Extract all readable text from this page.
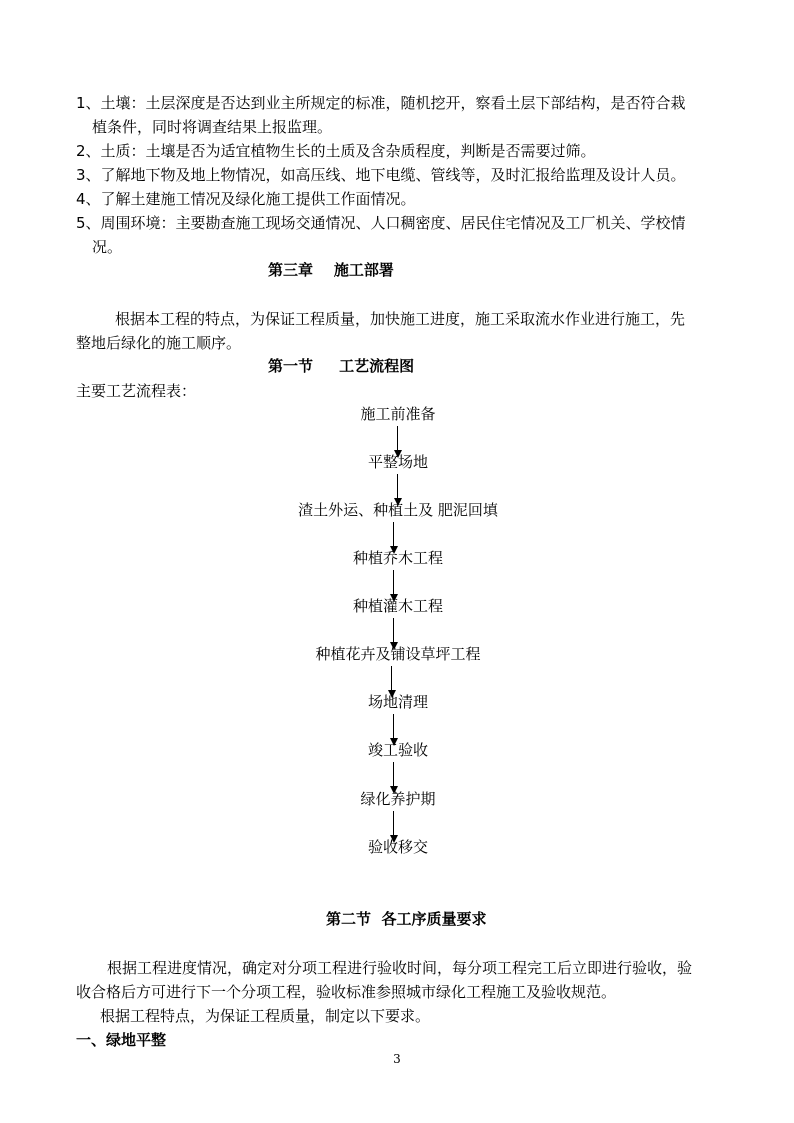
1、土壤：土层深度是否达到业主所规定的标准，随机挖开，察看土层下部结构，是否符合栽
植条件，同时将调查结果上报监理。
2、土质：土壤是否为适宜植物生长的土质及含杂质程度，判断是否需要过筛。
3、了解地下物及地上物情况，如高压线、地下电缆、管线等，及时汇报给监理及设计人员。
4、了解土建施工情况及绿化施工提供工作面情况。
5、周围环境：主要勘查施工现场交通情况、人口稠密度、居民住宅情况及工厂机关、学校情
况。
第三章    施工部署
根据本工程的特点，为保证工程质量，加快施工进度，施工采取流水作业进行施工，先
整地后绿化的施工顺序。
第一节     工艺流程图
主要工艺流程表：
施工前准备
平整场地
渣土外运、种植土及 肥泥回填
种植乔木工程
种植灌木工程
种植花卉及铺设草坪工程
场地清理
竣工验收
绿化养护期
验收移交
第二节  各工序质量要求
根据工程进度情况，确定对分项工程进行验收时间，每分项工程完工后立即进行验收，验
收合格后方可进行下一个分项工程，验收标准参照城市绿化工程施工及验收规范。
根据工程特点，为保证工程质量，制定以下要求。
一、绿地平整
3
